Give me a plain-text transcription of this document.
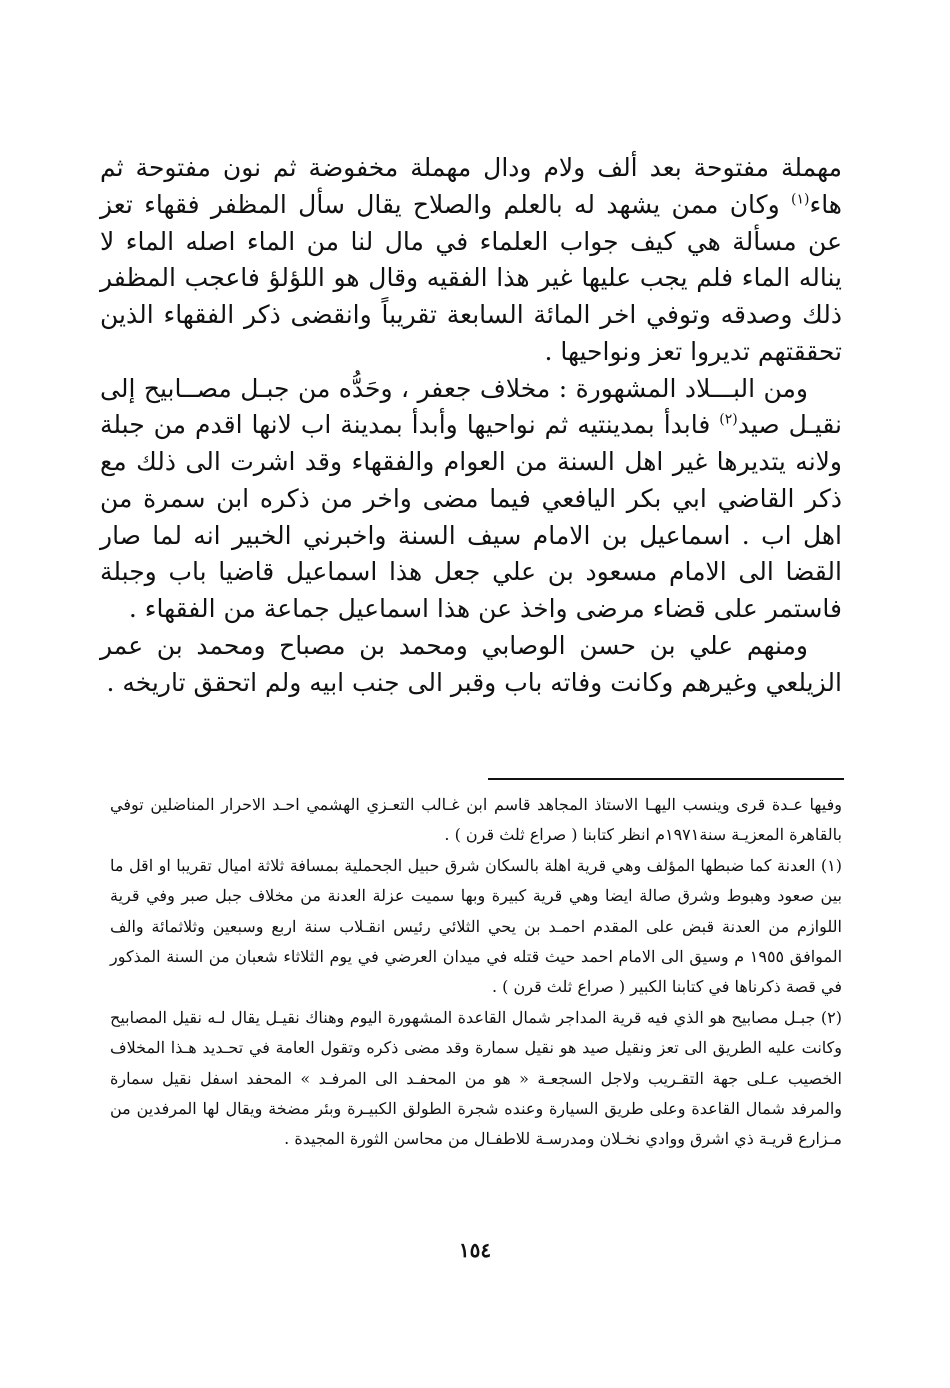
مهملة مفتوحة بعد ألف ولام ودال مهملة مخفوضة ثم نون مفتوحة ثم هاء$^{(١)}$ وكان ممن يشهد له بالعلم والصلاح يقال سأل المظفر فقهاء تعز عن مسألة هي كيف جواب العلماء في مال لنا من الماء اصله الماء لا يناله الماء فلم يجب عليها غير هذا الفقيه وقال هو اللؤلؤ فاعجب المظفر ذلك وصدقه وتوفي اخر المائة السابعة تقريباً وانقضى ذكر الفقهاء الذين تحققتهم تديروا تعز ونواحيها .

ومن البـــلاد المشهورة : مخلاف جعفر ، وحَدُّه من جبـل مصــابيح إلى نقيـل صيد$^{(٢)}$ فابدأ بمدينتيه ثم نواحيها وأبدأ بمدينة اب لانها اقدم من جبلة ولانه يتديرها غير اهل السنة من العوام والفقهاء وقد اشرت الى ذلك مع ذكر القاضي ابي بكر اليافعي فيما مضى واخر من ذكره ابن سمرة من اهل اب . اسماعيل بن الامام سيف السنة واخبرني الخبير انه لما صار القضا الى الامام مسعود بن علي جعل هذا اسماعيل قاضيا باب وجبلة فاستمر على قضاء مرضى واخذ عن هذا اسماعيل جماعة من الفقهاء .

ومنهم علي بن حسن الوصابي ومحمد بن مصباح ومحمد بن عمر الزيلعي وغيرهم وكانت وفاته باب وقبر الى جنب ابيه ولم اتحقق تاريخه .

وفيها عـدة قرى وينسب اليهـا الاستاذ المجاهد قاسم ابن غـالب التعـزي الهشمي احـد الاحرار المناضلين توفي بالقاهرة المعزيـة سنة١٩٧١م انظر كتابنا ( صراع ثلث قرن ) .

(١) العدنة كما ضبطها المؤلف وهي قرية اهلة بالسكان شرق حبيل الجحملية بمسافة ثلاثة اميال تقريبا او اقل ما بين صعود وهبوط وشرق صالة ايضا وهي قرية كبيرة وبها سميت عزلة العدنة من مخلاف جبل صبر وفي قرية اللوازم من العدنة قبض على المقدم احمـد بن يحي الثلائي رئيس انقـلاب سنة اربع وسبعين وثلاثمائة والف الموافق ١٩٥٥ م وسيق الى الامام احمد حيث قتله في ميدان العرضي في يوم الثلاثاء شعبان من السنة المذكور في قصة ذكرناها في كتابنا الكبير ( صراع ثلث قرن ) .

(٢) جبـل مصابيح هو الذي فيه قرية المداجر شمال القاعدة المشهورة اليوم وهناك نقيـل يقال لـه نقيل المصابيح وكانت عليه الطريق الى تعز ونقيل صيد هو نقيل سمارة وقد مضى ذكره وتقول العامة في تحـديد هـذا المخلاف الخصيب عـلى جهة التقـريب ولاجل السجعـة « هو من المحفـد الى المرفـد » المحفد اسفل نقيل سمارة والمرفد شمال القاعدة وعلى طريق السيارة وعنده شجرة الطولق الكبيـرة وبئر مضخة ويقال لها المرفدين من مـزارع قريـة ذي اشرق ووادي نخـلان ومدرسـة للاطفـال من محاسن الثورة المجيدة .

١٥٤
